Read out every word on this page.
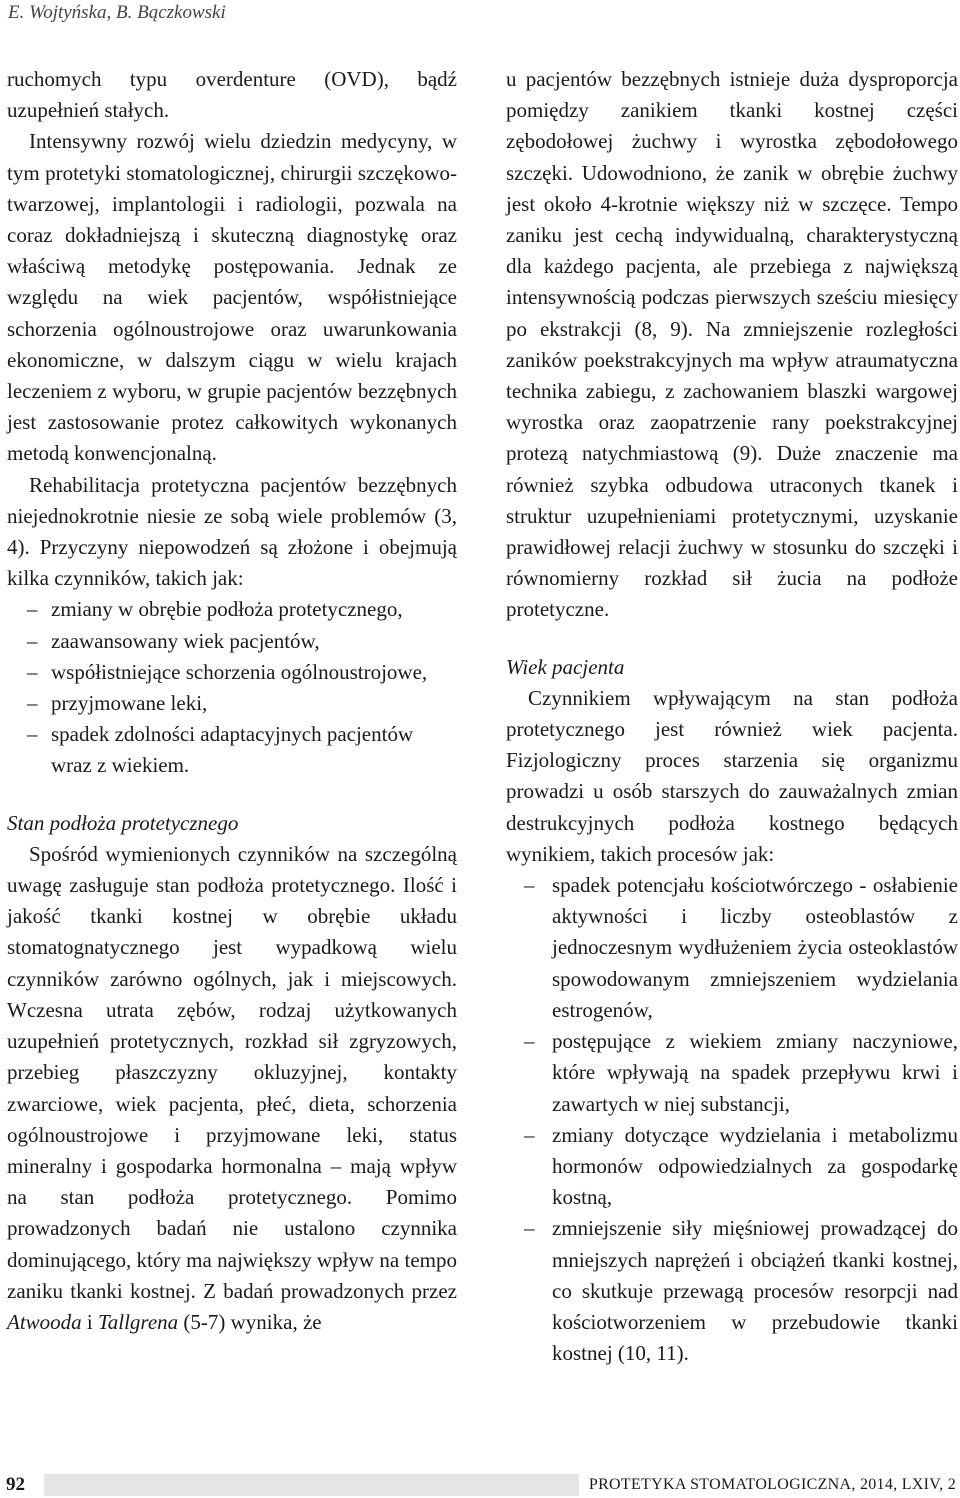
E. Wojtyńska, B. Bączkowski

ruchomych typu overdenture (OVD), bądź uzupełnień stałych.

Intensywny rozwój wielu dziedzin medycyny, w tym protetyki stomatologicznej, chirurgii szczękowo-twarzowej, implantologii i radiologii, pozwala na coraz dokładniejszą i skuteczną diagnostykę oraz właściwą metodykę postępowania. Jednak ze względu na wiek pacjentów, współistniejące schorzenia ogólnoustrojowe oraz uwarunkowania ekonomiczne, w dalszym ciągu w wielu krajach leczeniem z wyboru, w grupie pacjentów bezzębnych jest zastosowanie protez całkowitych wykonanych metodą konwencjonalną.

Rehabilitacja protetyczna pacjentów bezzębnych niejednokrotnie niesie ze sobą wiele problemów (3, 4). Przyczyny niepowodzeń są złożone i obejmują kilka czynników, takich jak:

– zmiany w obrębie podłoża protetycznego,
– zaawansowany wiek pacjentów,
– współistniejące schorzenia ogólnoustrojowe,
– przyjmowane leki,
– spadek zdolności adaptacyjnych pacjentów wraz z wiekiem.

Stan podłoża protetycznego

Spośród wymienionych czynników na szczególną uwagę zasługuje stan podłoża protetycznego. Ilość i jakość tkanki kostnej w obrębie układu stomatognatycznego jest wypadkową wielu czynników zarówno ogólnych, jak i miejscowych. Wczesna utrata zębów, rodzaj użytkowanych uzupełnień protetycznych, rozkład sił zgryzowych, przebieg płaszczyzny okluzyjnej, kontakty zwarciowe, wiek pacjenta, płeć, dieta, schorzenia ogólnoustrojowe i przyjmowane leki, status mineralny i gospodarka hormonalna – mają wpływ na stan podłoża protetycznego. Pomimo prowadzonych badań nie ustalono czynnika dominującego, który ma największy wpływ na tempo zaniku tkanki kostnej. Z badań prowadzonych przez Atwooda i Tallgrena (5-7) wynika, że

u pacjentów bezzębnych istnieje duża dysproporcja pomiędzy zanikiem tkanki kostnej części zębodołowej żuchwy i wyrostka zębodołowego szczęki. Udowodniono, że zanik w obrębie żuchwy jest około 4-krotnie większy niż w szczęce. Tempo zaniku jest cechą indywidualną, charakterystyczną dla każdego pacjenta, ale przebiega z największą intensywnością podczas pierwszych sześciu miesięcy po ekstrakcji (8, 9). Na zmniejszenie rozległości zaników poekstrakcyjnych ma wpływ atraumatyczna technika zabiegu, z zachowaniem blaszki wargowej wyrostka oraz zaopatrzenie rany poekstrakcyjnej protezą natychmiastową (9). Duże znaczenie ma również szybka odbudowa utraconych tkanek i struktur uzupełnieniami protetycznymi, uzyskanie prawidłowej relacji żuchwy w stosunku do szczęki i równomierny rozkład sił żucia na podłoże protetyczne.

Wiek pacjenta

Czynnikiem wpływającym na stan podłoża protetycznego jest również wiek pacjenta. Fizjologiczny proces starzenia się organizmu prowadzi u osób starszych do zauważalnych zmian destrukcyjnych podłoża kostnego będących wynikiem, takich procesów jak:

– spadek potencjału kościotwórczego - osłabienie aktywności i liczby osteoblastów z jednoczesnym wydłużeniem życia osteoklastów spowodowanym zmniejszeniem wydzielania estrogenów,
– postępujące z wiekiem zmiany naczyniowe, które wpływają na spadek przepływu krwi i zawartych w niej substancji,
– zmiany dotyczące wydzielania i metabolizmu hormonów odpowiedzialnych za gospodarkę kostną,
– zmniejszenie siły mięśniowej prowadzącej do mniejszych naprężeń i obciążeń tkanki kostnej, co skutkuje przewagą procesów resorpcji nad kościotworzeniem w przebudowie tkanki kostnej (10, 11).
92	PROTETYKA STOMATOLOGICZNA, 2014, LXIV, 2
